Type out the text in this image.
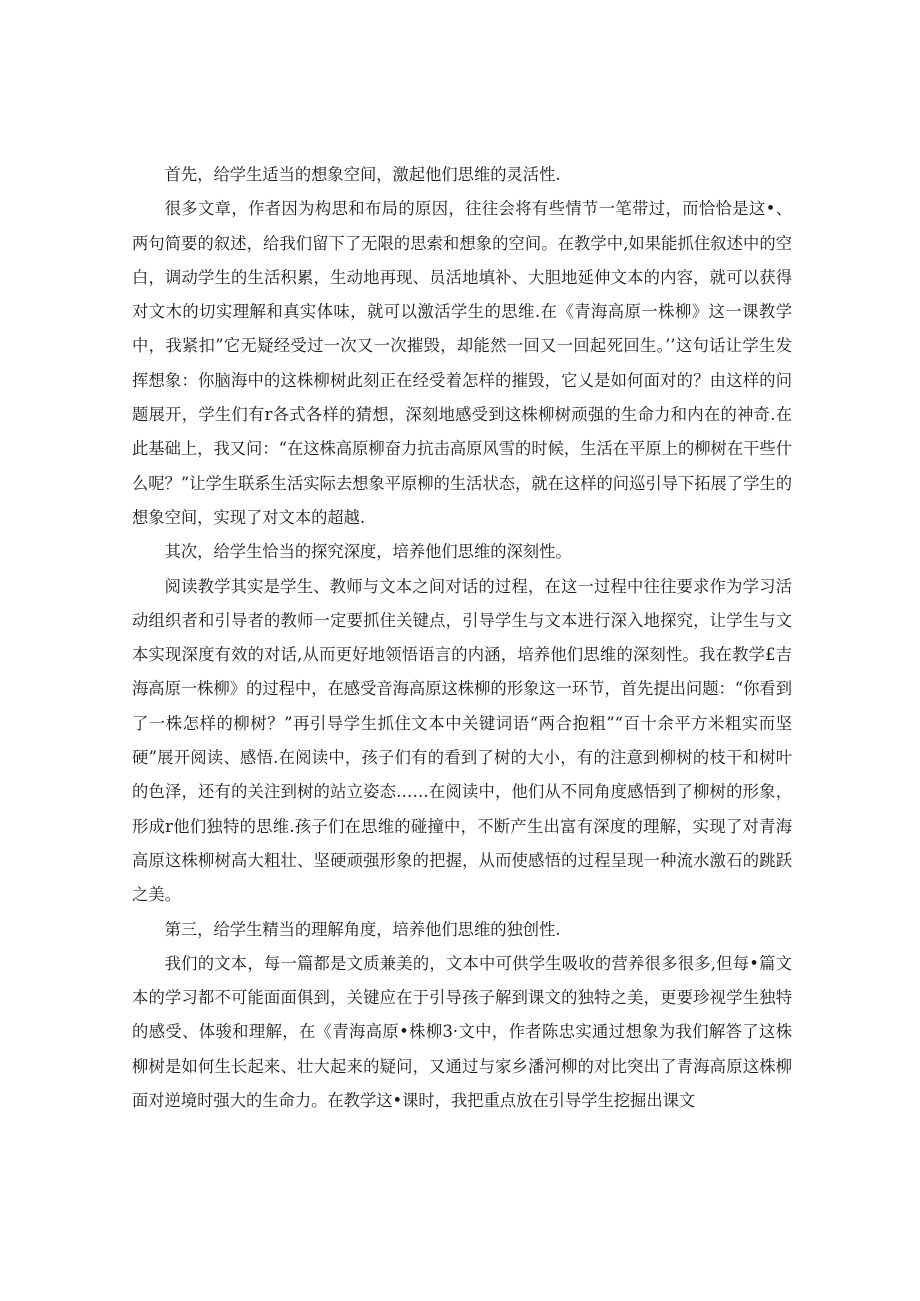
首先，给学生适当的想象空间，激起他们思维的灵活性.

很多文章，作者因为构思和布局的原因，往往会将有些情节一笔带过，而恰恰是这•、两句简要的叙述，给我们留下了无限的思索和想象的空间。在教学中,如果能抓住叙述中的空白，调动学生的生活积累，生动地再现、员活地填补、大胆地延伸文本的内容，就可以获得对文木的切实理解和真实体味，就可以激活学生的思维.在《青海高原一株柳》这一课教学中，我紧扣”它无疑经受过一次又一次摧毁，却能然一回又一回起死回生。’’这句话让学生发挥想象：你脑海中的这株柳树此刻正在经受着怎样的摧毁，它乂是如何面对的？由这样的问题展开，学生们有r各式各样的猜想，深刻地感受到这株柳树顽强的生命力和内在的神奇.在此基础上，我又问：“在这株高原柳奋力抗击高原风雪的时候，生活在平原上的柳树在干些什么呢？”让学生联系生活实际去想象平原柳的生活状态，就在这样的问巡引导下拓展了学生的想象空间，实现了对文本的超越.

其次，给学生恰当的探究深度，培养他们思维的深刻性。

阅读教学其实是学生、教师与文本之间对话的过程，在这一过程中往往要求作为学习活动组织者和引导者的教师一定要抓住关键点，引导学生与文本进行深入地探究，让学生与文本实现深度有效的对话,从而更好地领悟语言的内涵，培养他们思维的深刻性。我在教学£吉海高原一株柳》的过程中，在感受音海高原这株柳的形象这一环节，首先提出问题：“你看到了一株怎样的柳树？”再引导学生抓住文本中关键词语“两合抱粗”“百十余平方米粗实而坚硬”展开阅读、感悟.在阅读中，孩子们有的看到了树的大小，有的注意到柳树的枝干和树叶的色泽，还有的关注到树的站立姿态……在阅读中，他们从不同角度感悟到了柳树的形象，形成r他们独特的思维.孩子们在思维的碰撞中，不断产生出富有深度的理解，实现了对青海高原这株柳树高大粗壮、坚硬顽强形象的把握，从而使感悟的过程呈现一种流水激石的跳跃之美。

第三，给学生精当的理解角度，培养他们思维的独创性.

我们的文本，每一篇都是文质兼美的，文本中可供学生吸收的营养很多很多,但每•篇文本的学习都不可能面面俱到，关键应在于引导孩子解到课文的独特之美，更要珍视学生独特的感受、体骏和理解，在《青海高原•株柳3·文中，作者陈忠实通过想象为我们解答了这株柳树是如何生长起来、壮大起来的疑问，又通过与家乡潘河柳的对比突出了青海高原这株柳面对逆境时强大的生命力。在教学这•课时，我把重点放在引导学生挖掘出课文
